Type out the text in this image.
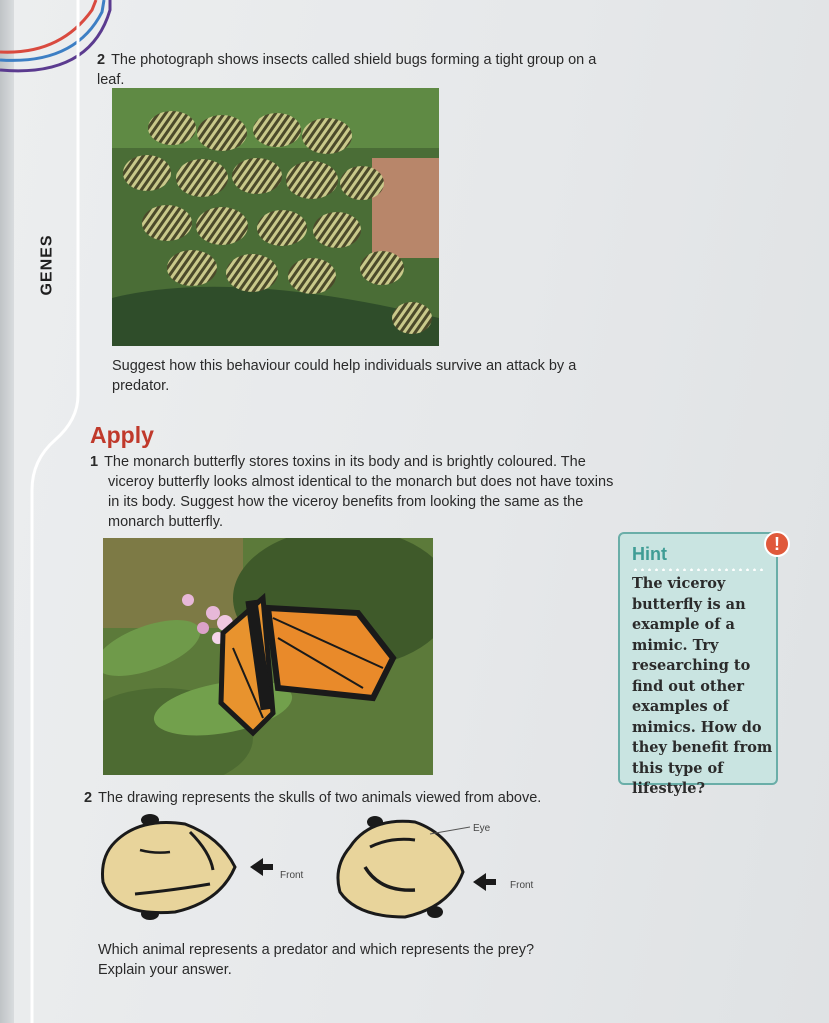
GENES
2 The photograph shows insects called shield bugs forming a tight group on a leaf.
Suggest how this behaviour could help individuals survive an attack by a predator.
Apply
1 The monarch butterfly stores toxins in its body and is brightly coloured. The viceroy butterfly looks almost identical to the monarch but does not have toxins in its body. Suggest how the viceroy benefits from looking the same as the monarch butterfly.
Hint
The viceroy butterfly is an example of a mimic. Try researching to find out other examples of mimics. How do they benefit from this type of lifestyle?
!
2 The drawing represents the skulls of two animals viewed from above.
Front
Eye
Front
Which animal represents a predator and which represents the prey? Explain your answer.
